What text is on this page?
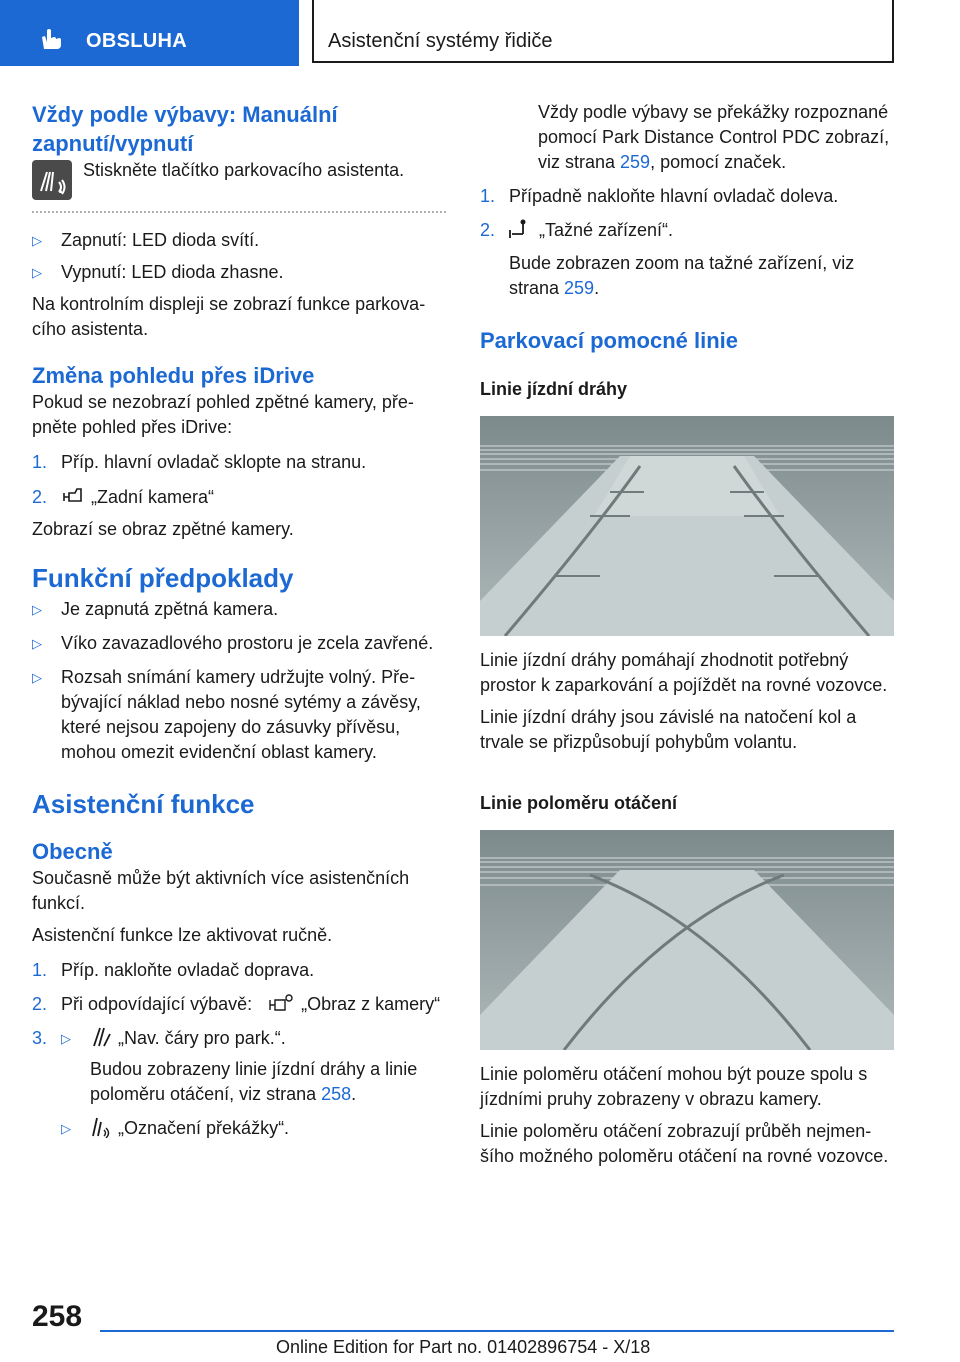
OBSLUHA	Asistenční systémy řidiče
Vždy podle výbavy: Manuální zapnutí/vypnutí

Stiskněte tlačítko parkovacího asistenta.

▷ Zapnutí: LED dioda svítí.
▷ Vypnutí: LED dioda zhasne.

Na kontrolním displeji se zobrazí funkce parkovacího asistenta.

Změna pohledu přes iDrive

Pokud se nezobrazí pohled zpětné kamery, přepněte pohled přes iDrive:

1. Příp. hlavní ovladač sklopte na stranu.
2. „Zadní kamera“

Zobrazí se obraz zpětné kamery.

Funkční předpoklady
▷ Je zapnutá zpětná kamera.
▷ Víko zavazadlového prostoru je zcela zavřené.
▷ Rozsah snímání kamery udržujte volný. Přebývající náklad nebo nosné sytémy a závěsy, které nejsou zapojeny do zásuvky přívěsu, mohou omezit evidenční oblast kamery.
Asistenční funkce
Obecně

Současně může být aktivních více asistenčních funkcí.

Asistenční funkce lze aktivovat ručně.

1. Příp. nakloňte ovladač doprava.
2. Při odpovídající výbavě:	„Obraz z kamery“
3. ▷	„Nav. čáry pro park.“.

Budou zobrazeny linie jízdní dráhy a linie poloměru otáčení, viz strana 258.

▷	„Označení překážky“.

Vždy podle výbavy se překážky rozpoznané pomocí Park Distance Control PDC zobrazí, viz strana 259, pomocí značek.

1. Případně nakloňte hlavní ovladač doleva.
2. „Tažné zařízení“.

Bude zobrazen zoom na tažné zařízení, viz strana 259.

Parkovací pomocné linie
Linie jízdní dráhy

Linie jízdní dráhy pomáhají zhodnotit potřebný prostor k zaparkování a pojíždět na rovné vozovce.

Linie jízdní dráhy jsou závislé na natočení kol a trvale se přizpůsobují pohybům volantu.

Linie poloměru otáčení

Linie poloměru otáčení mohou být pouze spolu s jízdními pruhy zobrazeny v obrazu kamery.

Linie poloměru otáčení zobrazují průběh nejmenšího možného poloměru otáčení na rovné vozovce.

258
Online Edition for Part no. 01402896754 - X/18
